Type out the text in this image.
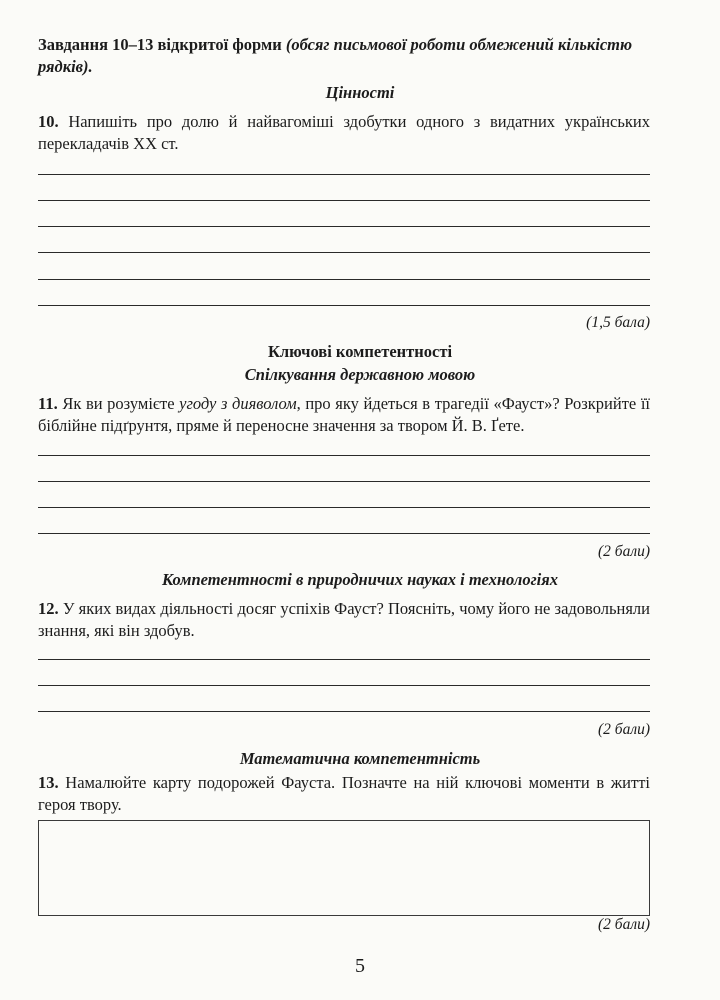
Завдання 10–13 відкритої форми (обсяг письмової роботи обмежений кількістю рядків).
Цінності
10. Напишіть про долю й найвагоміші здобутки одного з видатних українських перекладачів XX ст.
(1,5 бала)
Ключові компетентності
Спілкування державною мовою
11. Як ви розумієте угоду з дияволом, про яку йдеться в трагедії «Фауст»? Розкрийте її біблійне підґрунтя, пряме й переносне значення за твором Й. В. Ґете.
(2 бали)
Компетентності в природничих науках і технологіях
12. У яких видах діяльності досяг успіхів Фауст? Поясніть, чому його не задовольняли знання, які він здобув.
(2 бали)
Математична компетентність
13. Намалюйте карту подорожей Фауста. Позначте на ній ключові моменти в житті героя твору.
(2 бали)
5
